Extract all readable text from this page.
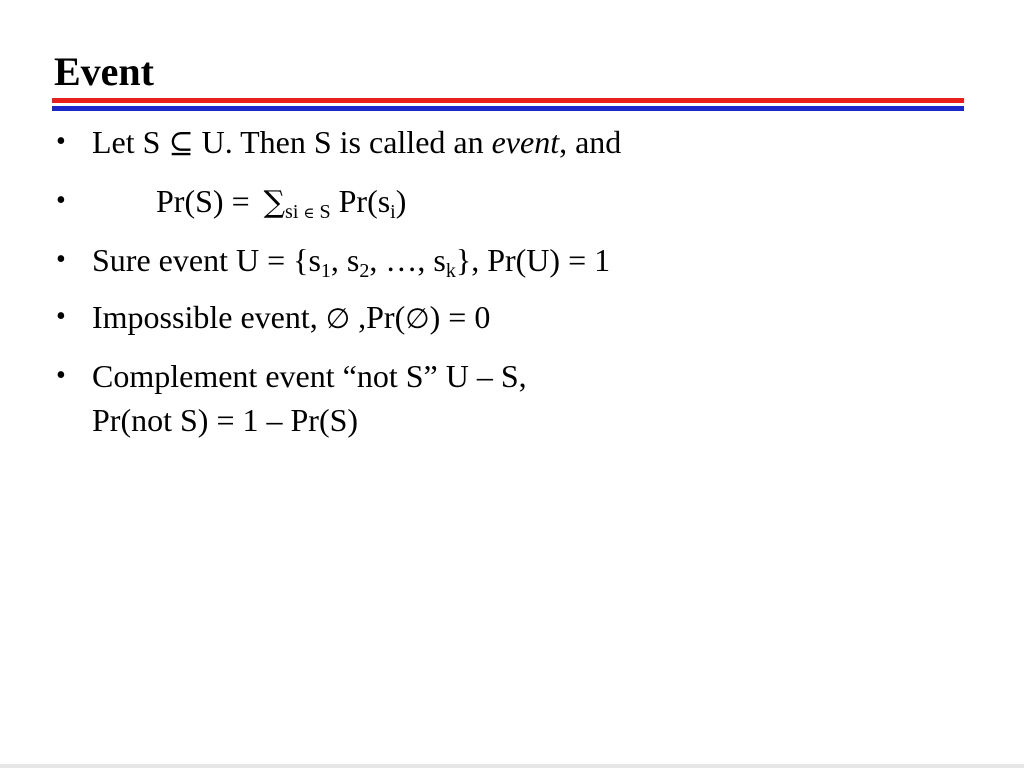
Event
• Let S ⊆ U. Then S is called an event, and
•	$Pr(S) = \sum_{si \in S}$ $Pr(s_i)$
• Sure event $U = \{s_1$, $s_2$, …, $s_k$}, Pr(U) = 1
• Impossible event, ∅ ,Pr(∅) = 0
• Complement event “not S” U – S,
Pr(not S) = 1 – Pr(S)
